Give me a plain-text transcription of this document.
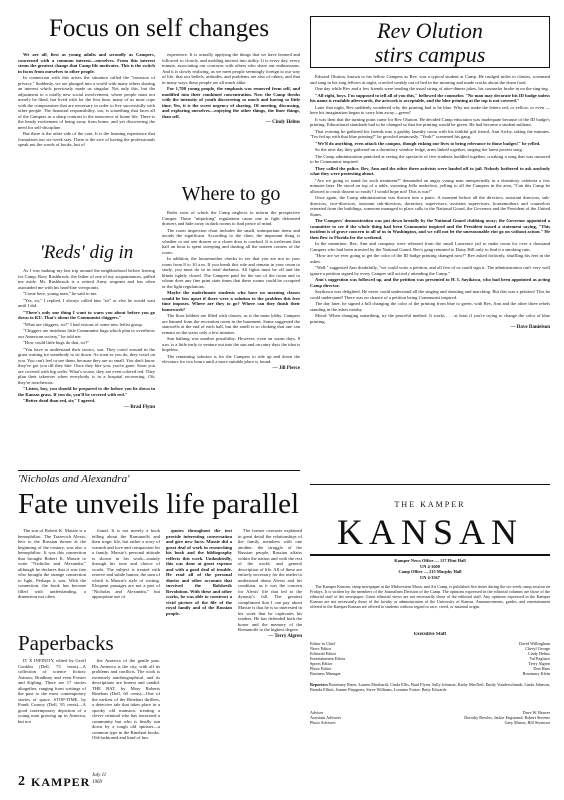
Focus on self changes

We are all, first as young adults and secondly as Campers, concerned with a common interest—ourselves. From this interest stems the greatest change that Camp life motivates. This is the switch in focus from ourselves to other people.

In connection with this arises the situation called the "invasion of privacy." Suddenly, we are plunged into a world with many others sharing an interest which previously made us singular. Not only this, but the adjustment to a totally new social involvement, where people must not merely be liked, but lived with for the first time, many of us must cope with the compromises that are necessary in order to live successfully with other people. The financial responsibility, too, is something that faces all of the Campers as a sharp contrast to the innocence of home life. There is the heady excitement of being away from home, and yet discovering the need for self-discipline.

But there is the other side of the coin. It is the learning experience that formulates our six-week stay. There is the awe of having the professionals speak not the words of books, but of

experience. It is actually applying the things that we have learned and followed so closely, and molding interest into utility. It is every day, every minute, associating our concerns with others who share our enthusiasms. And it is slowly realizing, as we meet people seemingly foreign to our way of life, that our beliefs, attitudes, and problems are also of others, and that in many ways these people are all much alike.

For 1,700 young people, the emphasis was removed from self, and modified into their combined concentration. Now the Camp throbs with the intensity of youth discovering so much and having so little time. Yes, it is the sweet urgency of sharing. Of meeting, discussing, and exploring ourselves—enjoying the other things, the finer things, than self.

— Cindy Helms
'Reds' dig in

As I was making my last trip around the neighborhood before leaving for Camp, Rory Rushbrook, the father of one of my acquaintances, pulled me aside. Mr. Rushbrook is a retired Army sergeant and has often astounded me with his hard-line viewpoints.

"Come here, young man," he said to me.

"Yes, sir," I replied. I always called him "sir" or else he would wait until I did.

"There's only one thing I want to warn you about before you go down to KU. That's about the Communist chiggers."

"What are chiggers, sir?" I had visions of some new leftist group.

"Chiggers are insidious little Communist bugs which plan to overthrow our American society," he told me.

"How could little bugs do that, sir?"

"You have to understand their tactics, son. They crawl around in the grass waiting for somebody to sit down. As soon as you do, they crawl on you. You can't feel or see them, because they are so small. You don't know they've got you till they bite. Once they bite you, you're gone. Soon you are covered with big welts. What's worse, they are even colored red. They plan their takeover when everybody is in a hospital recovering. Oh, they're treacherous.

"Listen, boy, you should be prepared to die before you lie down in the Kansas grass. If you do, you'll be covered with red."

"Better dead than red, sir," I agreed.

— Brad Flynn
Where to go

Rules exist of which the Camp neglects to inform the prospective Camper. These "nitpicking" regulations cause one to fight deformed drawers and hide away in dark rooms to find peace of mind.

The room inspection chart includes the small, unimportant items and avoids the significant. According to the chart, the important thing is whether or not one drawer or a closet door is cracked. It is irrelevant that half an hour is spent sweeping and dusting all the unseen corners of the room.

In addition, the housemother checks to see that you are not in your room from 8 to 10 a.m. If you break this rule and remain in your room to study, you must do so in total darkness. All lights must be off and the blinds tightly closed. The Campers paid for the use of the room and to whom does any fine print state times that these rooms could be occupied or the light regulations.

Maybe the underlunate students who have no morning classes would be less upset if there were a solution to the problem this free time imposes. Where are they to go? Where can they finish their homework?

The floor lobbies are filled with classes, as is the main lobby. Campers are banned from the recreation room in the basement. Some suggested the stairwells at the end of each hall, but the smell is so choking that one can remain on the stairs only a few minutes.

Sun bathing was another possibility. However, even on warm days, 8 a.m. is a little early to venture out into the sun and on rainy days the idea is hopeless.

The remaining solution is for the Campers to ride up and down the elevators for two hours until a more suitable place is found.

— Jill Pierce
Rev Olution
stirs campus

Edward Olution, known to his fellow Campers as Rev, was a typical student at Camp. He trudged miles to classes, screamed and sang in his sing fellows at night, crawled weakly out of bed in the morning and made cracks about the dorm food.

One day while Rev and a few friends were reading the usual string of utter-dinner jokes, his counselor broke in on the sing-ing.

"All right, boys. I'm supposed to tell all of you this," bellowed the counselor. "No man may decorate his ID badge unless his name is readable afterwards, the artwork is acceptable, and the blue printing at the top is not covered."

Later that night, Rev suddenly wondered why the printing had to be blue. Why not make the letters red, or yellow, or even —here his imagination began to carry him away—green?

It was then that the turning point came for Rev Olution. He decided Camp education was inadequate because of the ID badge's printing. Educational standards had to be changed so that the printing would be green. He had become a student militant.

That evening he gathered his friends into a grubby laundry room with his faithful girl friend, Ann Archy, taking the minutes. "I'm fed up with that blue printing!" he growled ominously. "Yeah!" screamed his gang.

"We'll do anything, even attack the campus, though risking our lives to bring relevance to those badges!" he yelled.

So the next day they gathered on a dormitory window ledge, arms linked together, singing the latest protest song.

The Camp administration panicked at seeing the spectacle of five students huddled together, croaking a song that was rumored to be Communist inspired.

They called the police. Rev, Ann and the other three activists were hauled off to jail. Nobody bothered to ask anybody what they were protesting about.

"Are we going to stand for such treatment?" demanded an angry young man unexpectedly in a dormitory cafeteria a few minutes later. He stood on top of a table, swearing Jello underfoot, yelling to all the Campers in the area, "Can this Camp be allowed to crush dissent so easily? I would hope not! This is war!"

Once again, the Camp administration was thrown into a panic. A moment before all the directors, assistant directors, sub-directors, vice-directors, assistant sub-directors, dormitory supervisors, assistant supervisors, housemothers and counselors retreated from the buildings, someone managed to place calls to the National Guard, the Governor and the President of the United States.

The Campers' demonstration was put down brutally by the National Guard clubbing away; the Governor appointed a committee to see if the whole thing had been Communist inspired and the President issued a statement saying, "This incident is of grave concern to all of us in Washington, and we will not let the unreasonable riot go on without action." He then flew to Florida for the weekend.

In the meantime, Rev, Ann and company were released from the small Lawrence jail to make room for over a thousand Campers who had been arrested by the National Guard. Rev's gang returned to Daisy Hill only to find it a smoking ruin.

"How are we ever going to get the color of the ID badge printing changed now?" Rev asked forlornly, shuffling his feet in the ashes.

"Well," suggested Ann doubtfully, "we could write a petition, and all five of us could sign it. The administration can't very well ignore a petition signed by every Camper still actively attending the Camp."

Ann's suggestion was followed up, and the petition was presented to H. I. Sayikawa, who had been appointed as acting Camp director.

Sayikawa was delighted. He never could understand all the singing and shouting and marching. But this was a petition! This he could understand! There was no chance of a petition being Communist inspired.

The day later, he signed a bill changing the color of the printing from blue to green, with Rev, Ann and the other three rebels standing in the ashes nearby.

Moral: When changing something, try the peaceful method. It works . . . at least if you're trying to change the color of blue printing.

— Dave Danielson
'Nicholas and Alexandra'
Fate unveils life parallel

The son of Robert K. Massie is a hemophiliac. The Tsarevich Alexis, heir to the Russian throne at the beginning of the century, was also a hemophiliac. It was this connection that brought Robert K. Massie to write "Nicholas and Alexandra," although he declares that it was fate who brought the strange connection to light. Perhaps it was. With the connection, the book has become filled with understanding, a dimension not often

found. It is not merely a book telling about the Romanoffs and their tragic life, but rather a story of warmth and love and compassion for a family. Massie's personal attitude is shown in his work—mainly through his tone and choice of words. The subject is treated with reserve and subtle humor, the sum of which is Massie's style of writing. Eloquent passages are not a part of "Nicholas and Alexandra," but appropriate use of

quotes throughout the text provide interesting conversation and give new facts. Massie did a great deal of work in researching his book and the bibliography reflects this work. Undoubtedly, this was done at great expense and with a good deal of trouble. He read all of the personal diaries and other accounts that survived the Bolshevik Revolution. With these and other works, he was able to construct a vivid picture of the life of the royal family and of the Russian people.

The former overseas explained in great detail the relationships of the family members with one another, the struggle of the Russian people, Russian affairs within the nation and with the rest of the world, and general description of life. All of these are entirely necessary for the reader to understand about Alexis and his condition, as it was the concern for Alexis' life that led to the dynasty's fall. The greatest compliment that I can pay about Massie is that he is so interested in his work that he captivates his readers. He has defended both the honor and the memory of the Romanoffs to the highest degree.

— Terry Algren
Paperbacks

IT X INFINITY, edited by Geoff Conklin (Dell, 75 cents)—A collection of science fiction: Asimov, Bradbury and even Forster and Kipling. There are 17 stories altogether, ranging from writings of the past to the most contemporary stories of space. STOP-TIME, by Frank Conroy (Dell, 95 cents)—A good contemporary depiction of a young man growing up in America, but not

the America of the gentle past. His America is the city, with all its problems and conflicts. The work is extremely autobiographical, and its descriptions are honest and candid. THE BAT, by Mary Roberts Rinehart (Dell, 60 cents)—One of the earliest of the Rinehart thrillers, a detective tale that takes place in a spooky old mansion, treating a clever criminal who has terrorized a community but who is finally run down by a tough old spinster—a common type in the Rinehart books. Old-fashioned and kind of fun.

2 KAMPER July 11
1969
THE KAMPER
KANSAN
Kamper News Office — 117 Flint Hall
UN 4-3600
Camp Office — 215 Murphy Hall
UN 4-3567

The Kamper Kansan, camp newspaper at the Midwestern Music and Art Camp, is published five times during the six-week camp session on Fridays. It is written by the members of the Journalism Division of the Camp. The opinions expressed in the editorial columns are those of the editorial staff of the newspaper. Guest editorial views are not necessarily those of the editorial staff. Any opinions expressed in the Kamper Kansan are not necessarily those of the faculty or administration of the University of Kansas. Announcements, guides, and entertainment offered in the Kamper Kansan are offered to students without regard to race, creed, or national origin.

Executive Staff
Editor in Chief	David Willingham
News Editor	Cheryl George
Editorial Editor	Cindy Helms
Entertainment Editor	Val Pagliaro
Sports Editor	Terry Algren
Photo Editor	Don Haas
Business Manager	Rosemary Klein
Reporters Rosemary Brine, Lauren Eberhardt, Cinda Ellis, Brad Flynn, Sally Johnson, Kathy MacNeil, Emily Vonderschmidt, Linda Johnson, Brenda Elliott, Jeanne Piepgrass, Steve Williams, Lorraine Foster, Betty Edwards
Adviser	Dave W. Beaver
Assistant Advisers	Dorothy Bowles, Jackie Engstrand, Robert Stevens
Photo Advisers	Gary Mason, Bill Seymour
